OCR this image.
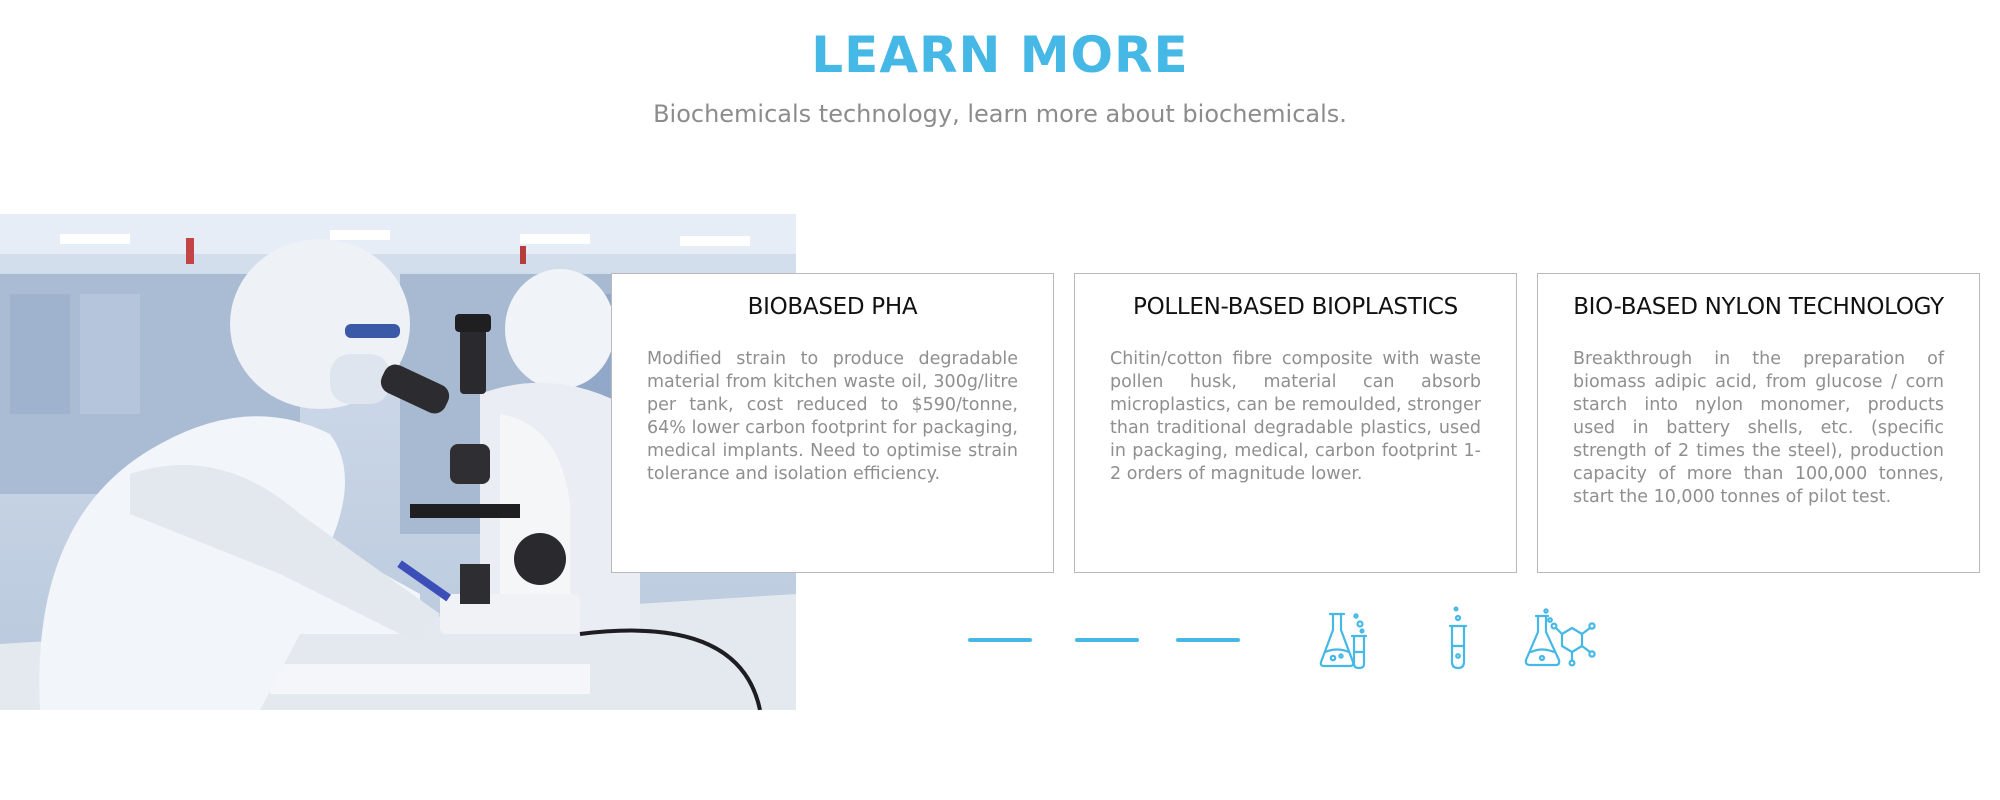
LEARN MORE

Biochemicals technology, learn more about biochemicals.

BIOBASED PHA

Modified strain to produce degradable material from kitchen waste oil, 300g/litre per tank, cost reduced to $590/tonne, 64% lower carbon footprint for packaging, medical implants. Need to optimise strain tolerance and isolation efficiency.

POLLEN-BASED BIOPLASTICS

Chitin/cotton fibre composite with waste pollen husk, material can absorb microplastics, can be remoulded, stronger than traditional degradable plastics, used in packaging, medical, carbon footprint 1-2 orders of magnitude lower.

BIO-BASED NYLON TECHNOLOGY

Breakthrough in the preparation of biomass adipic acid, from glucose / corn starch into nylon monomer, products used in battery shells, etc. (specific strength of 2 times the steel), production capacity of more than 100,000 tonnes, start the 10,000 tonnes of pilot test.
